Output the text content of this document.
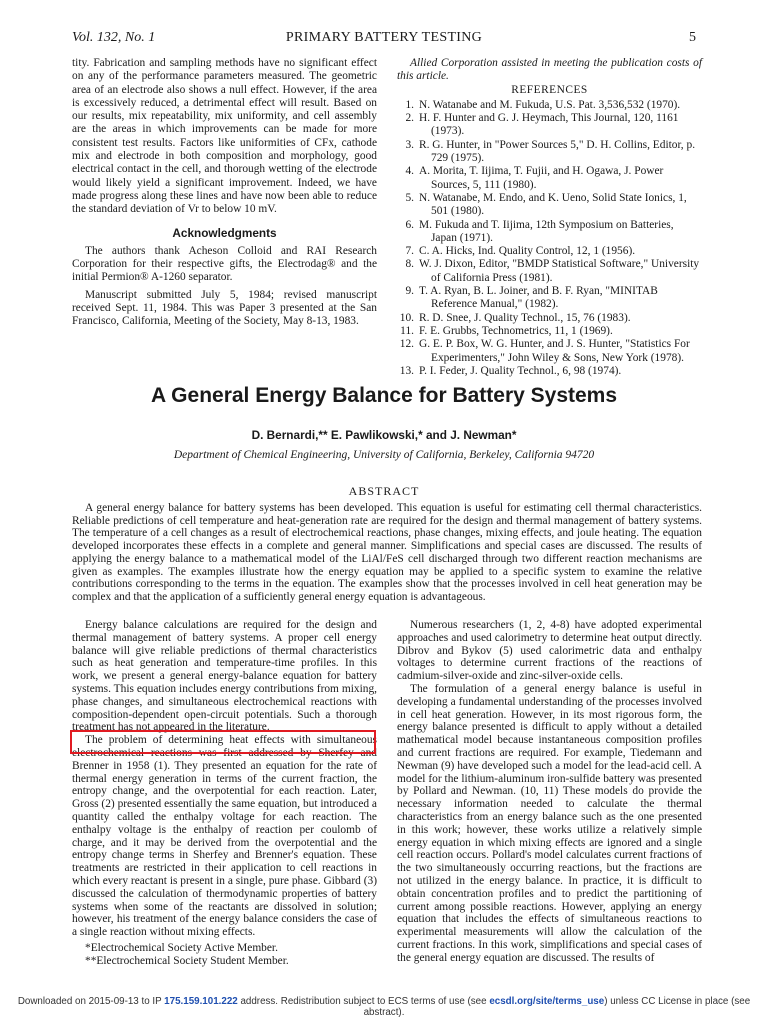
Vol. 132, No. 1	PRIMARY BATTERY TESTING	5

tity. Fabrication and sampling methods have no significant effect on any of the performance parameters measured. The geometric area of an electrode also shows a null effect. However, if the area is excessively reduced, a detrimental effect will result. Based on our results, mix repeatability, mix uniformity, and cell assembly are the areas in which improvements can be made for more consistent test results. Factors like uniformities of CFx, cathode mix and electrode in both composition and morphology, good electrical contact in the cell, and thorough wetting of the electrode would likely yield a significant improvement. Indeed, we have made progress along these lines and have now been able to reduce the standard deviation of Vr to below 10 mV.

Acknowledgments

The authors thank Acheson Colloid and RAI Research Corporation for their respective gifts, the Electrodag® and the initial Permion® A-1260 separator.

Manuscript submitted July 5, 1984; revised manuscript received Sept. 11, 1984. This was Paper 3 presented at the San Francisco, California, Meeting of the Society, May 8-13, 1983.

Allied Corporation assisted in meeting the publication costs of this article.

REFERENCES
1. N. Watanabe and M. Fukuda, U.S. Pat. 3,536,532 (1970).
2. H. F. Hunter and G. J. Heymach, This Journal, 120, 1161 (1973).
3. R. G. Hunter, in "Power Sources 5," D. H. Collins, Editor, p. 729 (1975).
4. A. Morita, T. Iijima, T. Fujii, and H. Ogawa, J. Power Sources, 5, 111 (1980).
5. N. Watanabe, M. Endo, and K. Ueno, Solid State Ionics, 1, 501 (1980).
6. M. Fukuda and T. Iijima, 12th Symposium on Batteries, Japan (1971).
7. C. A. Hicks, Ind. Quality Control, 12, 1 (1956).
8. W. J. Dixon, Editor, "BMDP Statistical Software," University of California Press (1981).
9. T. A. Ryan, B. L. Joiner, and B. F. Ryan, "MINITAB Reference Manual," (1982).
10. R. D. Snee, J. Quality Technol., 15, 76 (1983).
11. F. E. Grubbs, Technometrics, 11, 1 (1969).
12. G. E. P. Box, W. G. Hunter, and J. S. Hunter, "Statistics For Experimenters," John Wiley & Sons, New York (1978).
13. P. I. Feder, J. Quality Technol., 6, 98 (1974).
A General Energy Balance for Battery Systems
D. Bernardi,** E. Pawlikowski,* and J. Newman*
Department of Chemical Engineering, University of California, Berkeley, California 94720
ABSTRACT

A general energy balance for battery systems has been developed. This equation is useful for estimating cell thermal characteristics. Reliable predictions of cell temperature and heat-generation rate are required for the design and thermal management of battery systems. The temperature of a cell changes as a result of electrochemical reactions, phase changes, mixing effects, and joule heating. The equation developed incorporates these effects in a complete and general manner. Simplifications and special cases are discussed. The results of applying the energy balance to a mathematical model of the LiAl/FeS cell discharged through two different reaction mechanisms are given as examples. The examples illustrate how the energy equation may be applied to a specific system to examine the relative contributions corresponding to the terms in the equation. The examples show that the processes involved in cell heat generation may be complex and that the application of a sufficiently general energy equation is advantageous.

Energy balance calculations are required for the design and thermal management of battery systems. A proper cell energy balance will give reliable predictions of thermal characteristics such as heat generation and temperature-time profiles. In this work, we present a general energy-balance equation for battery systems. This equation includes energy contributions from mixing, phase changes, and simultaneous electrochemical reactions with composition-dependent open-circuit potentials. Such a thorough treatment has not appeared in the literature.

The problem of determining heat effects with simultaneous electrochemical reactions was first addressed by Sherfey and Brenner in 1958 (1). They presented an equation for the rate of thermal energy generation in terms of the current fraction, the entropy change, and the overpotential for each reaction. Later, Gross (2) presented essentially the same equation, but introduced a quantity called the enthalpy voltage for each reaction. The enthalpy voltage is the enthalpy of reaction per coulomb of charge, and it may be derived from the overpotential and the entropy change terms in Sherfey and Brenner's equation. These treatments are restricted in their application to cell reactions in which every reactant is present in a single, pure phase. Gibbard (3) discussed the calculation of thermodynamic properties of battery systems when some of the reactants are dissolved in solution; however, his treatment of the energy balance considers the case of a single reaction without mixing effects.

*Electrochemical Society Active Member.
**Electrochemical Society Student Member.

Numerous researchers (1, 2, 4-8) have adopted experimental approaches and used calorimetry to determine heat output directly. Dibrov and Bykov (5) used calorimetric data and enthalpy voltages to determine current fractions of the reactions of cadmium-silver-oxide and zinc-silver-oxide cells.

The formulation of a general energy balance is useful in developing a fundamental understanding of the processes involved in cell heat generation. However, in its most rigorous form, the energy balance presented is difficult to apply without a detailed mathematical model because instantaneous composition profiles and current fractions are required. For example, Tiedemann and Newman (9) have developed such a model for the lead-acid cell. A model for the lithium-aluminum iron-sulfide battery was presented by Pollard and Newman. (10, 11) These models do provide the necessary information needed to calculate the thermal characteristics from an energy balance such as the one presented in this work; however, these works utilize a relatively simple energy equation in which mixing effects are ignored and a single cell reaction occurs. Pollard's model calculates current fractions of the two simultaneously occurring reactions, but the fractions are not utilized in the energy balance. In practice, it is difficult to obtain concentration profiles and to predict the partitioning of current among possible reactions. However, applying an energy equation that includes the effects of simultaneous reactions to experimental measurements will allow the calculation of the current fractions. In this work, simplifications and special cases of the general energy equation are discussed. The results of

Downloaded on 2015-09-13 to IP 175.159.101.222 address. Redistribution subject to ECS terms of use (see ecsdl.org/site/terms_use) unless CC License in place (see abstract).
